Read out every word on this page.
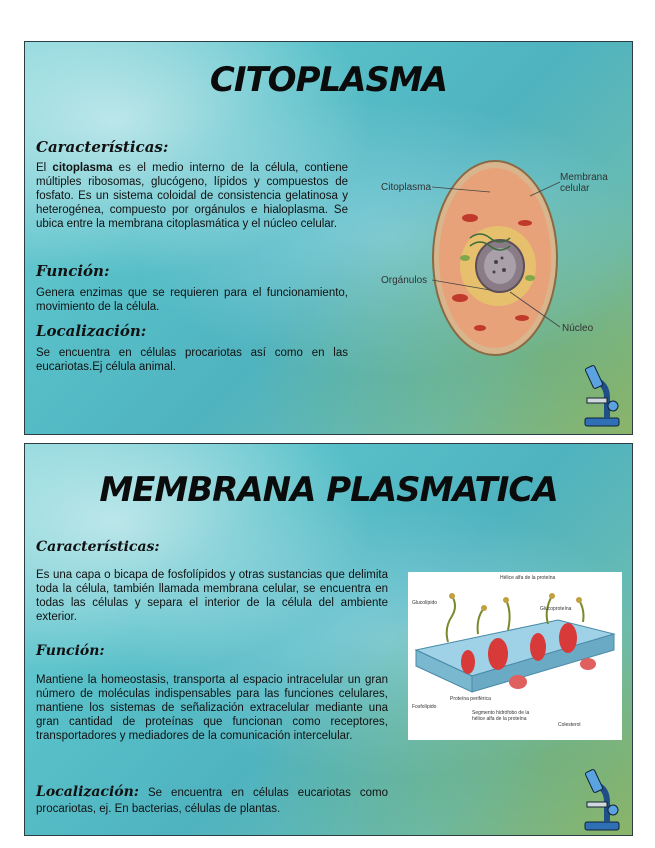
CITOPLASMA
Características:

El citoplasma es el medio interno de la célula, contiene múltiples ribosomas, glucógeno, lípidos y compuestos de fosfato. Es un sistema coloidal de consistencia gelatinosa y heterogénea, compuesto por orgánulos e hialoplasma. Se ubica entre la membrana citoplasmática y el núcleo celular.

Función:

Genera enzimas que se requieren para el funcionamiento, movimiento de la célula.

Localización:

Se encuentra en células procariotas así como en las eucariotas.Ej célula animal.

Citoplasma
Orgánulos
Membrana celular
Núcleo
MEMBRANA PLASMATICA
Características:

Es una capa o bicapa de fosfolípidos y otras sustancias que delimita toda la célula, también llamada membrana celular, se encuentra en todas las células y separa el interior de la célula del ambiente exterior.

Función:

Mantiene la homeostasis, transporta al espacio intracelular un gran número de moléculas indispensables para las funciones celulares, mantiene los sistemas de señalización extracelular mediante una gran cantidad de proteínas que funcionan como receptores, transportadores y mediadores de la comunicación intercelular.

Localización: Se encuentra en células eucariotas como procariotas, ej. En bacterias, células de plantas.

Hélice alfa de la proteína
Glucolípido
Glucoproteína
Fosfolípido
Proteína periférica
Segmento hidrófobo de la hélice alfa de la proteína
Colesterol
